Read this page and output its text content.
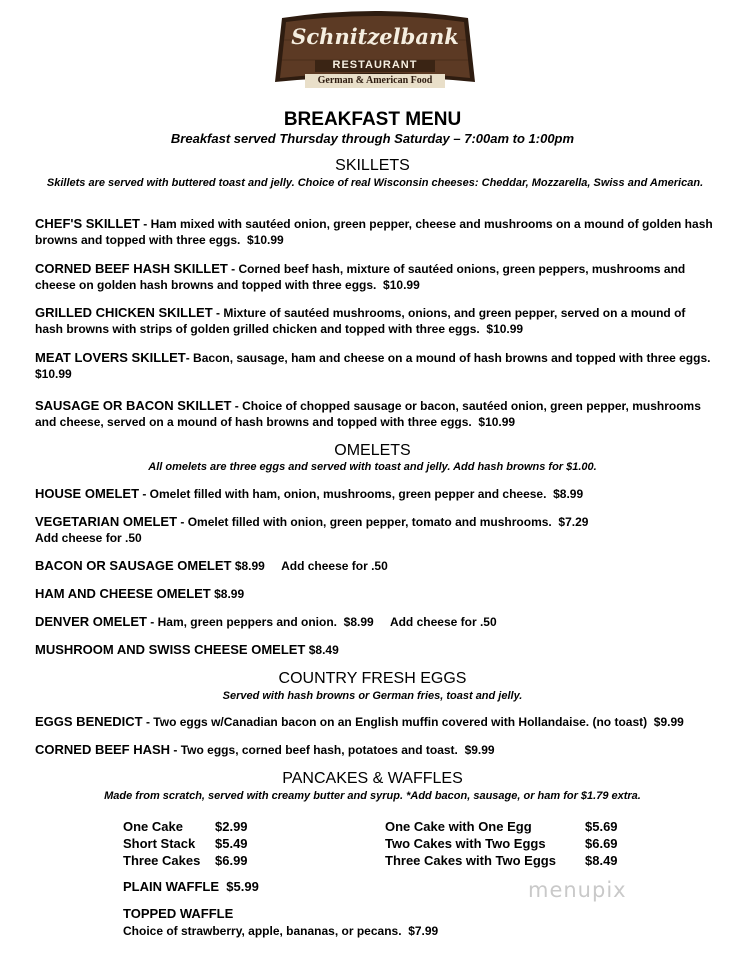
Schnitzelbank
RESTAURANT
German & American Food
BREAKFAST MENU
Breakfast served Thursday through Saturday – 7:00am to 1:00pm
SKILLETS
Skillets are served with buttered toast and jelly. Choice of real Wisconsin cheeses: Cheddar, Mozzarella, Swiss and American.
CHEF'S SKILLET - Ham mixed with sautéed onion, green pepper, cheese and mushrooms on a mound of golden hash browns and topped with three eggs. $10.99
CORNED BEEF HASH SKILLET - Corned beef hash, mixture of sautéed onions, green peppers, mushrooms and cheese on golden hash browns and topped with three eggs. $10.99
GRILLED CHICKEN SKILLET - Mixture of sautéed mushrooms, onions, and green pepper, served on a mound of hash browns with strips of golden grilled chicken and topped with three eggs. $10.99
MEAT LOVERS SKILLET- Bacon, sausage, ham and cheese on a mound of hash browns and topped with three eggs. $10.99
SAUSAGE OR BACON SKILLET - Choice of chopped sausage or bacon, sautéed onion, green pepper, mushrooms and cheese, served on a mound of hash browns and topped with three eggs. $10.99
OMELETS
All omelets are three eggs and served with toast and jelly. Add hash browns for $1.00.
HOUSE OMELET - Omelet filled with ham, onion, mushrooms, green pepper and cheese. $8.99
VEGETARIAN OMELET - Omelet filled with onion, green pepper, tomato and mushrooms. $7.29
Add cheese for .50
BACON OR SAUSAGE OMELET $8.99 Add cheese for .50
HAM AND CHEESE OMELET $8.99
DENVER OMELET - Ham, green peppers and onion. $8.99 Add cheese for .50
MUSHROOM AND SWISS CHEESE OMELET $8.49
COUNTRY FRESH EGGS
Served with hash browns or German fries, toast and jelly.
EGGS BENEDICT - Two eggs w/Canadian bacon on an English muffin covered with Hollandaise. (no toast) $9.99
CORNED BEEF HASH - Two eggs, corned beef hash, potatoes and toast. $9.99
PANCAKES & WAFFLES
Made from scratch, served with creamy butter and syrup. *Add bacon, sausage, or ham for $1.79 extra.
One Cake $2.99
Short Stack $5.49
Three Cakes $6.99
One Cake with One Egg	$5.69
Two Cakes with Two Eggs	$6.69
Three Cakes with Two Eggs $8.49
PLAIN WAFFLE $5.99
TOPPED WAFFLE
Choice of strawberry, apple, bananas, or pecans. $7.99
menupix
